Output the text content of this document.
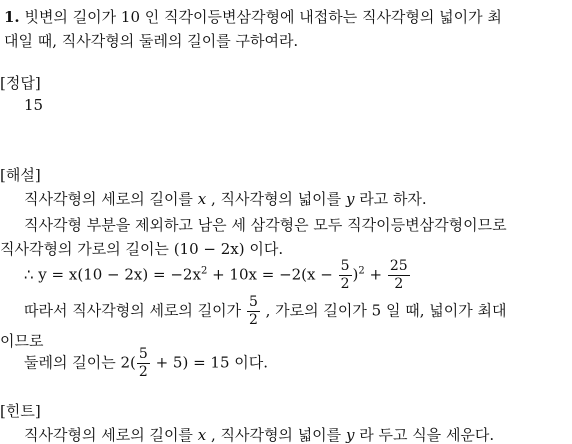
1. 빗변의 길이가 10 인 직각이등변삼각형에 내접하는 직사각형의 넓이가 최
대일 때, 직사각형의 둘레의 길이를 구하여라.
[정답]
15
[해설]
직사각형의 세로의 길이를 x , 직사각형의 넓이를 y 라고 하자.
직사각형 부분을 제외하고 남은 세 삼각형은 모두 직각이등변삼각형이므로
직사각형의 가로의 길이는 (10 − 2x) 이다.
∴ $y = x(10 - 2x) = -2x^2 + 10x = -2(x - \frac{5}{2} )^2 + \frac{25}{2}$
따라서 직사각형의 세로의 길이가 $\frac{5}{2}$ , 가로의 길이가 5 일 때, 넓이가 최대
이므로
둘레의 길이는 $2( \frac{5}{2} + 5) = 15$ 이다.
[힌트]
직사각형의 세로의 길이를 x , 직사각형의 넓이를 y 라 두고 식을 세운다.
